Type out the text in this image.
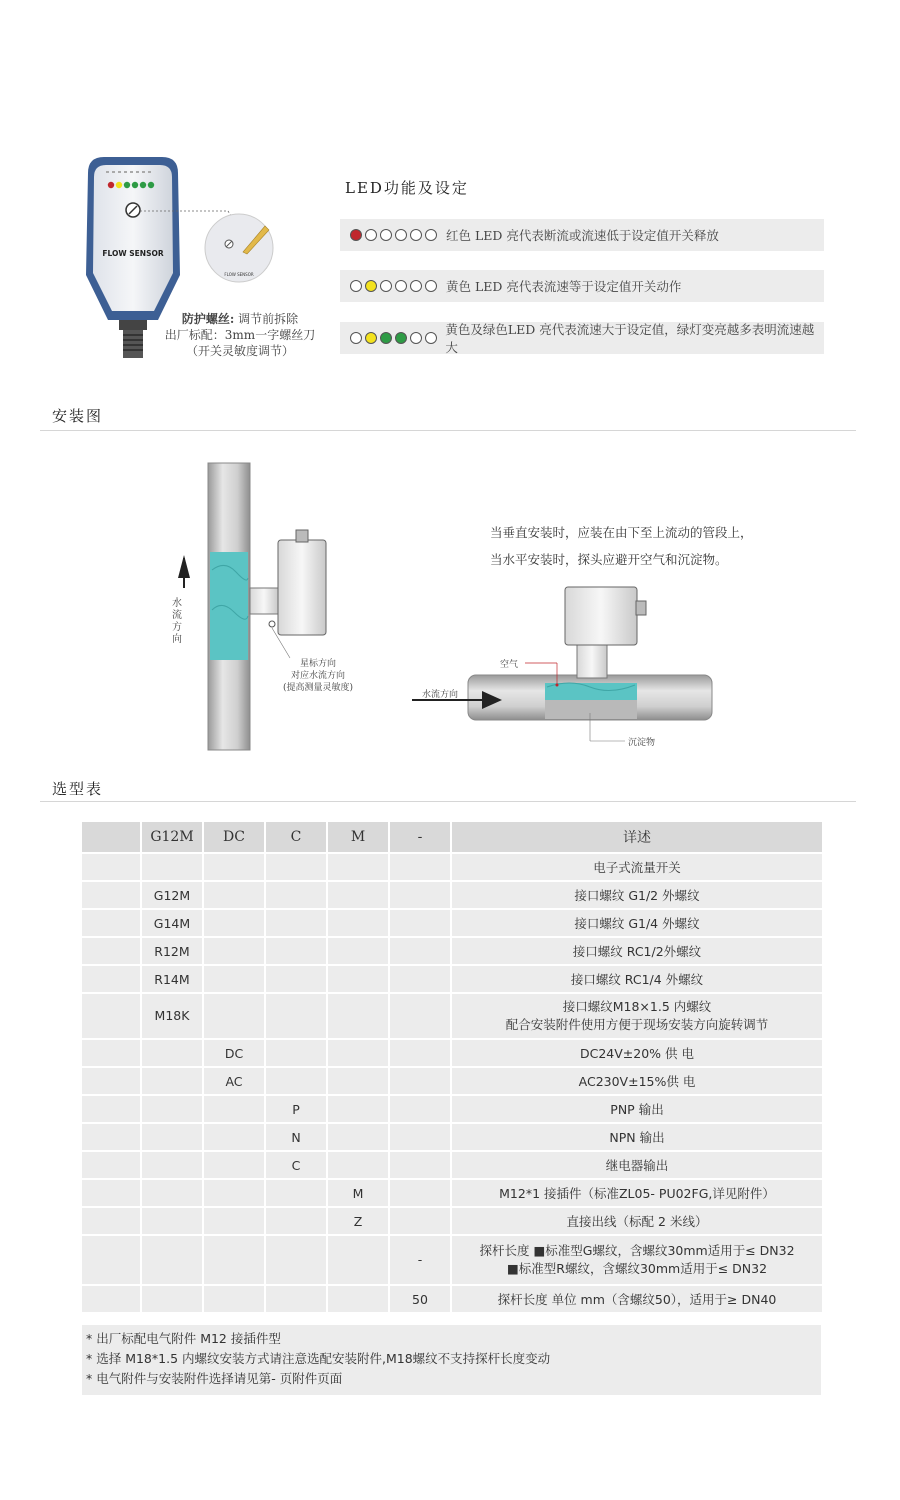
FLOW SENSOR
FLOW SENSOR
防护螺丝: 调节前拆除
出厂标配：3mm一字螺丝刀
（开关灵敏度调节）
LED功能及设定
红色 LED 亮代表断流或流速低于设定值开关释放
黄色 LED 亮代表流速等于设定值开关动作
黄色及绿色LED 亮代表流速大于设定值，绿灯变亮越多表明流速越大
安装图
水流方向
星标方向
对应水流方向
(提高测量灵敏度)
当垂直安装时，应装在由下至上流动的管段上，
当水平安装时，探头应避开空气和沉淀物。
空气
水流方向
沉淀物
选型表
	G12M	DC	C	M	-	详述
						电子式流量开关
	G12M					接口螺纹 G1/2 外螺纹
	G14M					接口螺纹 G1/4 外螺纹
	R12M					接口螺纹 RC1/2外螺纹
	R14M					接口螺纹 RC1/4 外螺纹
	M18K					接口螺纹M18×1.5 内螺纹
配合安装附件使用方便于现场安装方向旋转调节

		DC				DC24V±20% 供 电
		AC				AC230V±15%供 电
			P			PNP 输出
			N			NPN 输出
			C			继电器输出
				M		M12*1 接插件（标准ZL05- PU02FG,详见附件）
				Z		直接出线（标配 2 米线）
					-	探杆长度 ■标准型G螺纹，含螺纹30mm适用于≤ DN32
■标准型R螺纹，含螺纹30mm适用于≤ DN32

					50	探杆长度 单位 mm（含螺纹50），适用于≥ DN40
* 出厂标配电气附件 M12 接插件型
* 选择 M18*1.5 内螺纹安装方式请注意选配安装附件,M18螺纹不支持探杆长度变动
* 电气附件与安装附件选择请见第- 页附件页面
